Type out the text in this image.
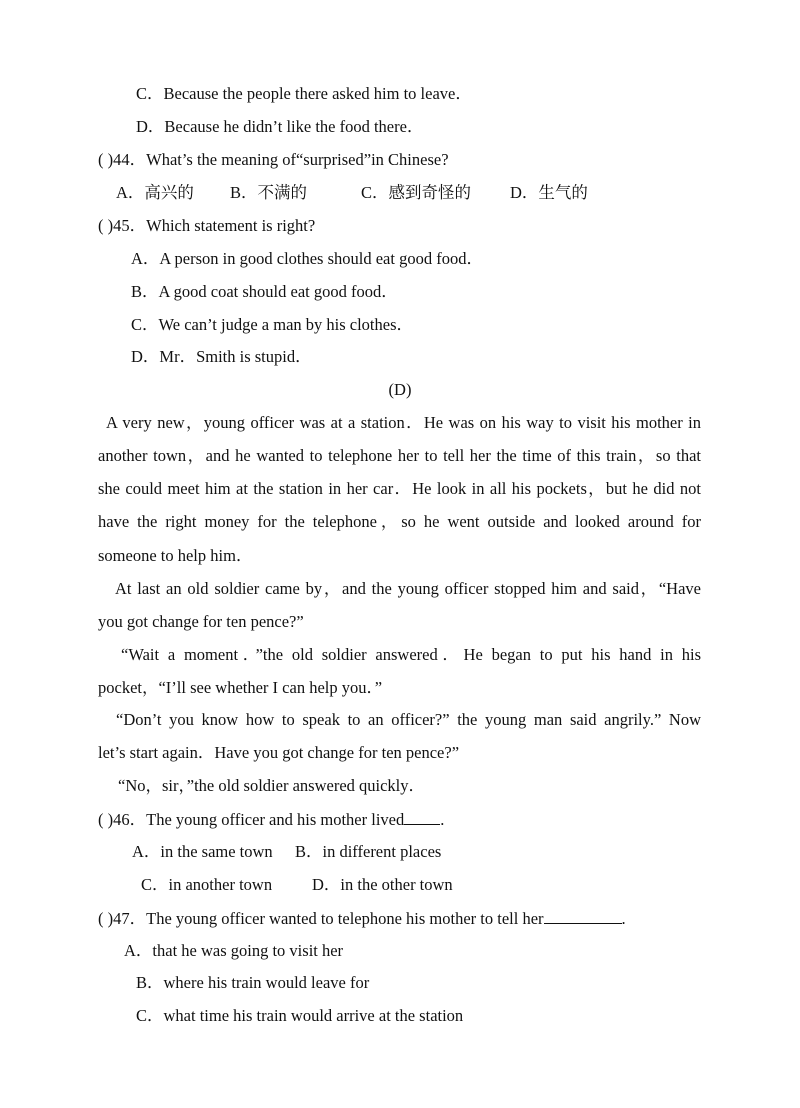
C．Because the people there asked him to leave．
D．Because he didn’t like the food there．
( )44．What’s the meaning of“surprised”in Chinese?
A．高兴的 B．不满的	C．感到奇怪的 D．生气的
( )45．Which statement is right?
A．A person in good clothes should eat good food．
B．A good coat should eat good food．
C．We can’t judge a man by his clothes．
D．Mr．Smith is stupid．
(D)
A very new，young officer was at a station．He was on his way to visit his mother in
another town，and he wanted to telephone her to tell her the time of this train，so that
she could meet him at the station in her car．He look in all his pockets，but he did not
have the right money for the telephone，so he went outside and looked around for
someone to help him．
At last an old soldier came by，and the young officer stopped him and said，“Have
you got change for ten pence?”
“Wait a moment．”the old soldier answered．He began to put his hand in his
pocket，“I’ll see whether I can help you．”
“Don’t you know how to speak to an officer?” the young man said angrily.” Now
let’s start again．Have you got change for ten pence?”
“No，sir，”the old soldier answered quickly．
( )46．The young officer and his mother lived .
A．in the same town B．in different places
C．in another town D．in the other town
( )47．The young officer wanted to telephone his mother to tell her	.
A．that he was going to visit her
B．where his train would leave for
C．what time his train would arrive at the station
